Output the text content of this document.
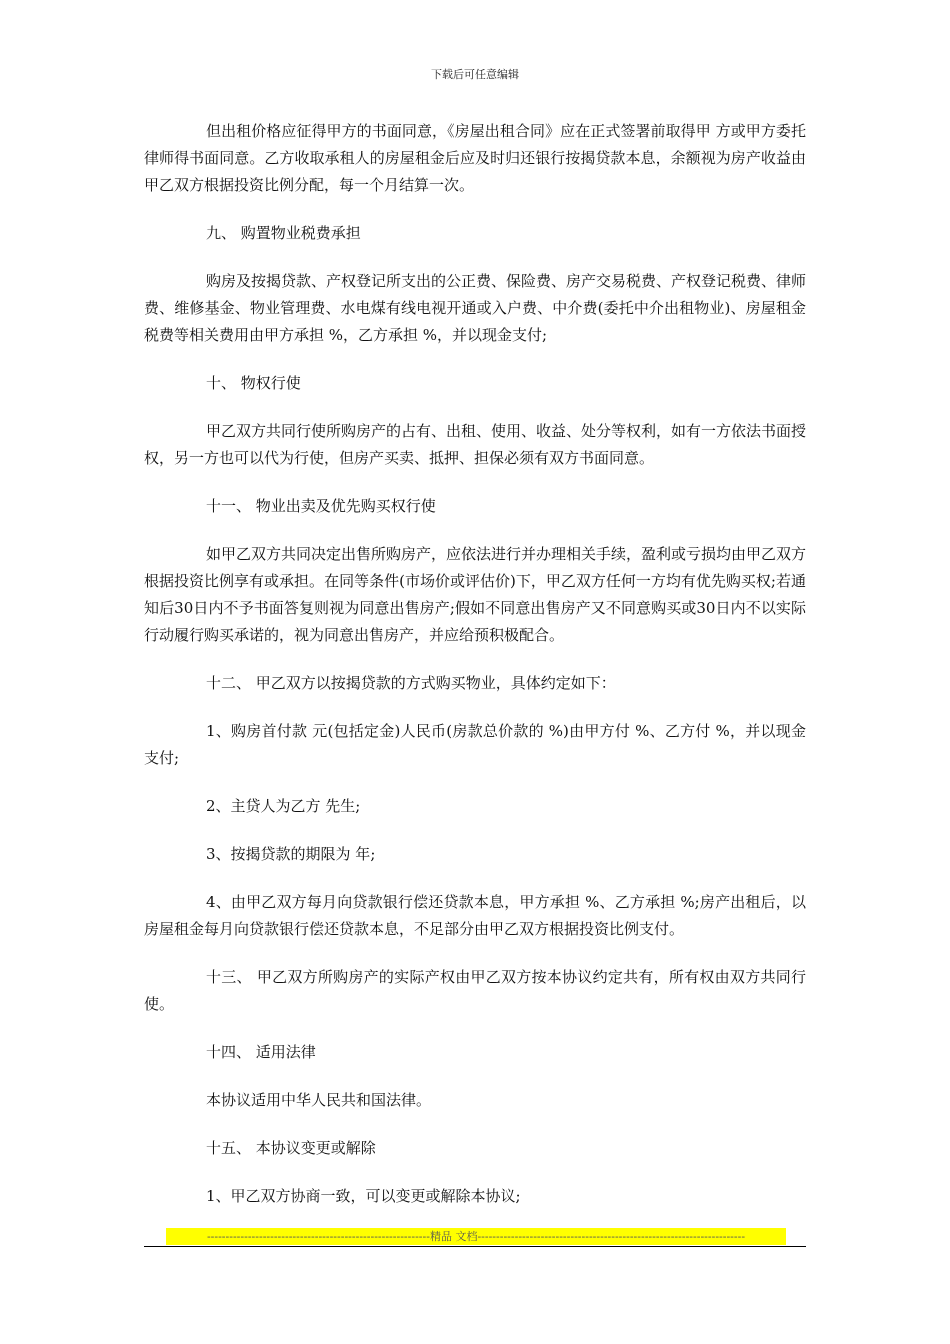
下载后可任意编辑

但出租价格应征得甲方的书面同意，《房屋出租合同》应在正式签署前取得甲 方或甲方委托律师得书面同意。乙方收取承租人的房屋租金后应及时归还银行按揭贷款本息，余额视为房产收益由甲乙双方根据投资比例分配，每一个月结算一次。

九、 购置物业税费承担

购房及按揭贷款、产权登记所支出的公正费、保险费、房产交易税费、产权登记税费、律师费、维修基金、物业管理费、水电煤有线电视开通或入户费、中介费(委托中介出租物业)、房屋租金税费等相关费用由甲方承担 %，乙方承担 %，并以现金支付;

十、 物权行使

甲乙双方共同行使所购房产的占有、出租、使用、收益、处分等权利，如有一方依法书面授权，另一方也可以代为行使，但房产买卖、抵押、担保必须有双方书面同意。

十一、 物业出卖及优先购买权行使

如甲乙双方共同决定出售所购房产，应依法进行并办理相关手续，盈利或亏损均由甲乙双方根据投资比例享有或承担。在同等条件(市场价或评估价)下，甲乙双方任何一方均有优先购买权;若通知后30日内不予书面答复则视为同意出售房产;假如不同意出售房产又不同意购买或30日内不以实际行动履行购买承诺的，视为同意出售房产，并应给预积极配合。

十二、 甲乙双方以按揭贷款的方式购买物业，具体约定如下：

1、购房首付款 元(包括定金)人民币(房款总价款的 %)由甲方付 %、乙方付 %，并以现金支付;

2、主贷人为乙方 先生;

3、按揭贷款的期限为 年;

4、由甲乙双方每月向贷款银行偿还贷款本息，甲方承担 %、乙方承担 %;房产出租后，以房屋租金每月向贷款银行偿还贷款本息，不足部分由甲乙双方根据投资比例支付。

十三、 甲乙双方所购房产的实际产权由甲乙双方按本协议约定共有，所有权由双方共同行使。

十四、 适用法律

本协议适用中华人民共和国法律。

十五、 本协议变更或解除

1、甲乙双方协商一致，可以变更或解除本协议;

------------------------------------------------------------精品 文档------------------------------------------------------------------------
